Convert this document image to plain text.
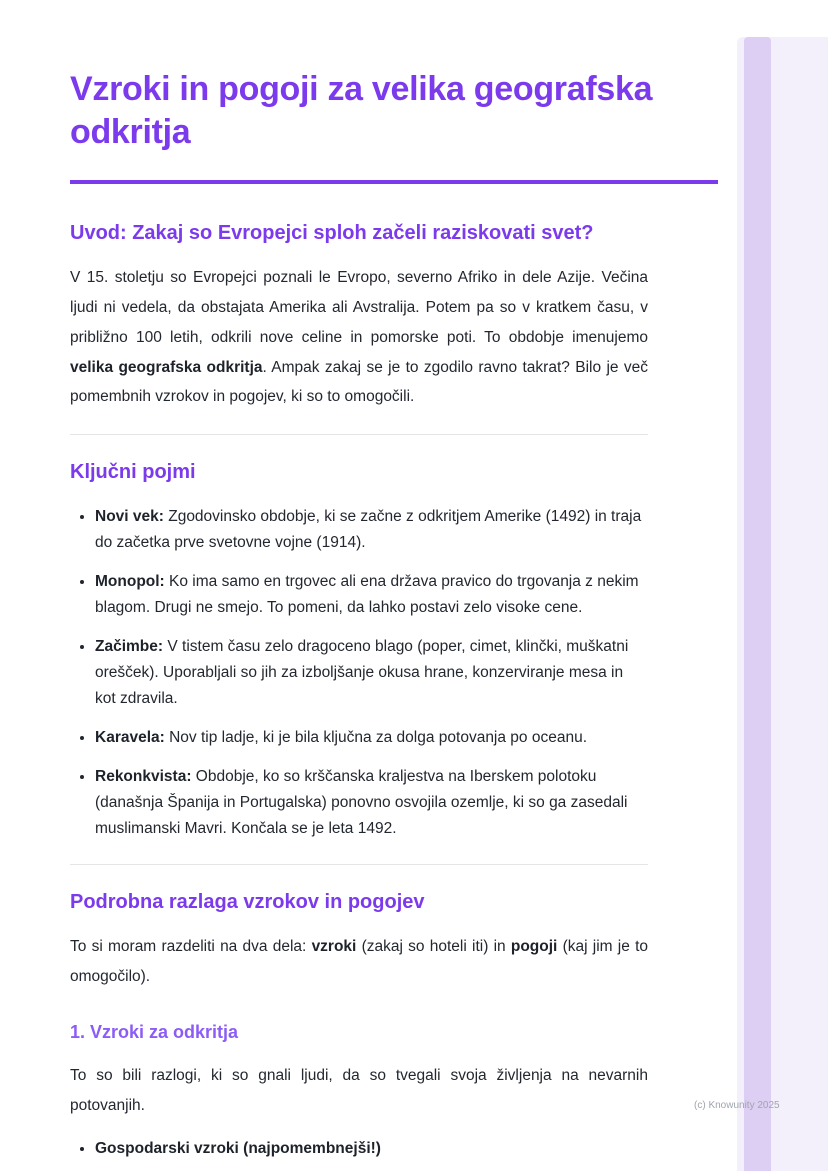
Vzroki in pogoji za velika geografska odkritja
Uvod: Zakaj so Evropejci sploh začeli raziskovati svet?

V 15. stoletju so Evropejci poznali le Evropo, severno Afriko in dele Azije. Večina ljudi ni vedela, da obstajata Amerika ali Avstralija. Potem pa so v kratkem času, v približno 100 letih, odkrili nove celine in pomorske poti. To obdobje imenujemo velika geografska odkritja. Ampak zakaj se je to zgodilo ravno takrat? Bilo je več pomembnih vzrokov in pogojev, ki so to omogočili.

Ključni pojmi
• Novi vek: Zgodovinsko obdobje, ki se začne z odkritjem Amerike (1492) in traja do začetka prve svetovne vojne (1914).
• Monopol: Ko ima samo en trgovec ali ena država pravico do trgovanja z nekim blagom. Drugi ne smejo. To pomeni, da lahko postavi zelo visoke cene.
• Začimbe: V tistem času zelo dragoceno blago (poper, cimet, klinčki, muškatni orešček). Uporabljali so jih za izboljšanje okusa hrane, konzerviranje mesa in kot zdravila.
• Karavela: Nov tip ladje, ki je bila ključna za dolga potovanja po oceanu.
• Rekonkvista: Obdobje, ko so krščanska kraljestva na Iberskem polotoku (današnja Španija in Portugalska) ponovno osvojila ozemlje, ki so ga zasedali muslimanski Mavri. Končala se je leta 1492.
Podrobna razlaga vzrokov in pogojev

To si moram razdeliti na dva dela: vzroki (zakaj so hoteli iti) in pogoji (kaj jim je to omogočilo).

1. Vzroki za odkritja

To so bili razlogi, ki so gnali ljudi, da so tvegali svoja življenja na nevarnih potovanjih.

• Gospodarski vzroki (najpomembnejši!)
(c) Knowunity 2025
